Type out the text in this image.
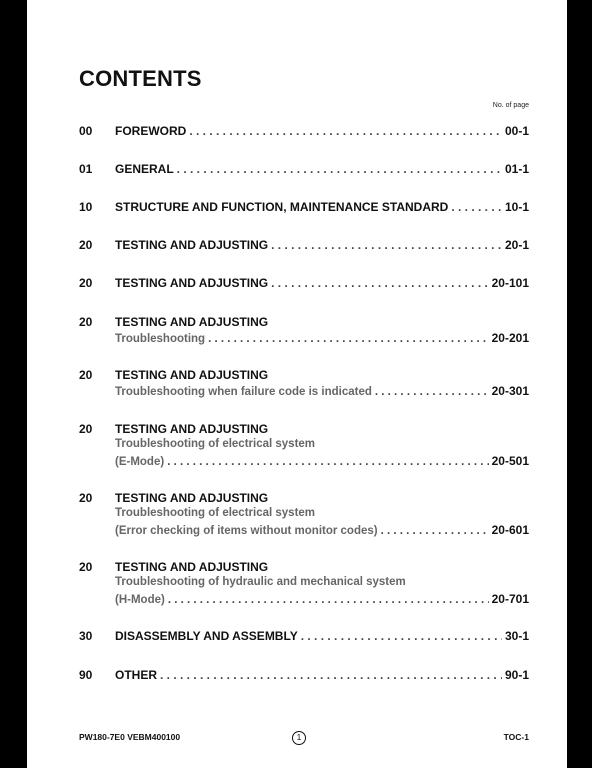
CONTENTS
No. of page
00 FOREWORD . . .	00-1
01 GENERAL . . .	01-1
10 STRUCTURE AND FUNCTION, MAINTENANCE STANDARD . . .	10-1
20 TESTING AND ADJUSTING . . .	20-1
20 TESTING AND ADJUSTING . . .	20-101
20 TESTING AND ADJUSTING
Troubleshooting . . .	20-201
20 TESTING AND ADJUSTING
Troubleshooting when failure code is indicated . . .	20-301
20 TESTING AND ADJUSTING
Troubleshooting of electrical system
(E-Mode) . . .	20-501
20 TESTING AND ADJUSTING
Troubleshooting of electrical system
(Error checking of items without monitor codes) . . .	20-601
20 TESTING AND ADJUSTING
Troubleshooting of hydraulic and mechanical system
(H-Mode) . . .	20-701
30 DISASSEMBLY AND ASSEMBLY . . .	30-1
90 OTHER . . .	90-1
PW180-7E0 VEBM400100	1	TOC-1
